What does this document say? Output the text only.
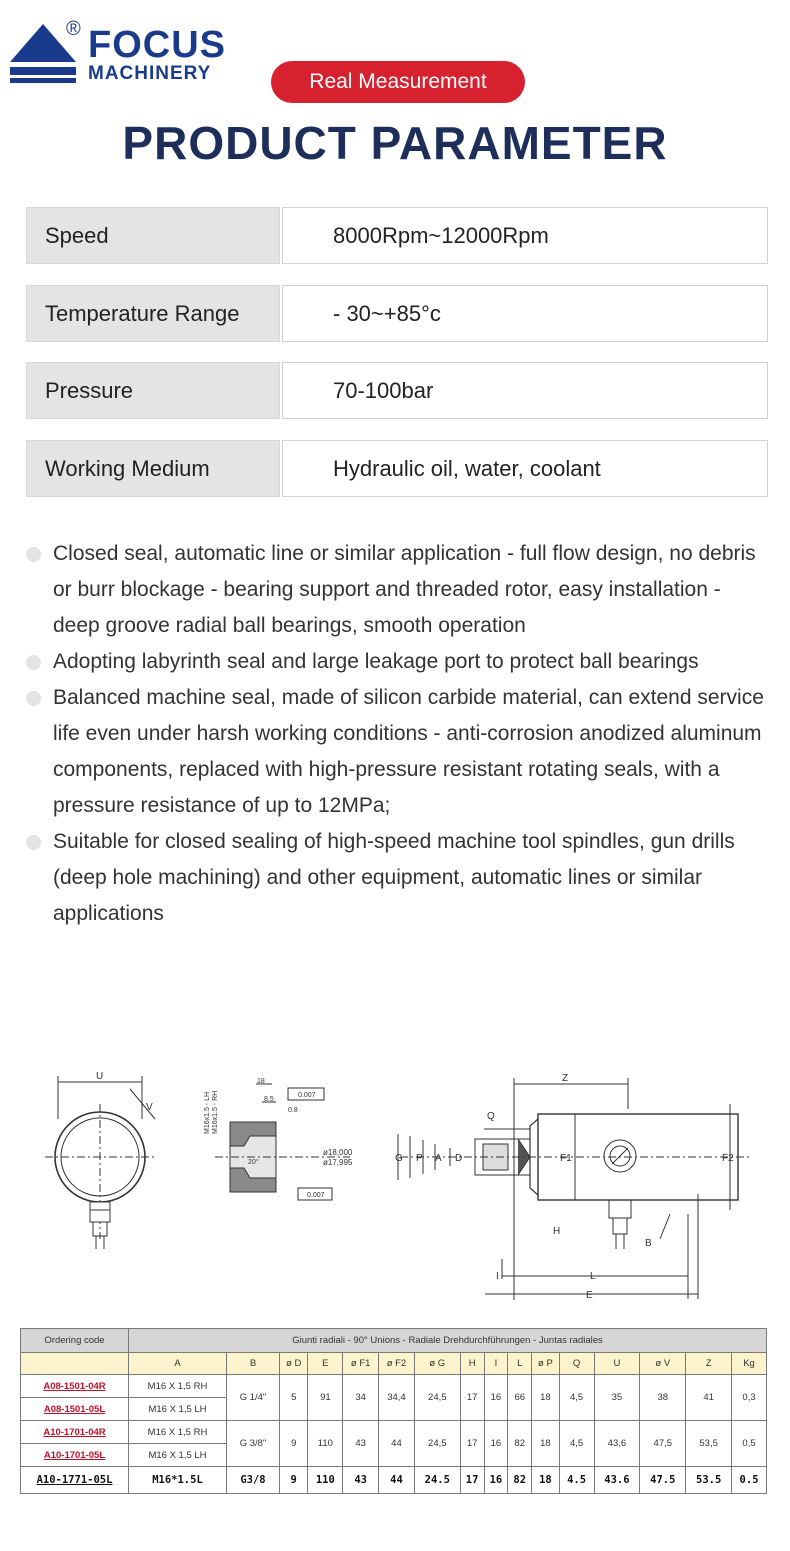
® FOCUS
MACHINERY	Real Measurement
PRODUCT PARAMETER
Speed	8000Rpm~12000Rpm
Temperature Range	- 30~+85°c
Pressure	70-100bar
Working Medium	Hydraulic oil, water, coolant
Closed seal, automatic line or similar application - full flow design, no debris or burr blockage - bearing support and threaded rotor, easy installation - deep groove radial ball bearings, smooth operation
Adopting labyrinth seal and large leakage port to protect ball bearings
Balanced machine seal, made of silicon carbide material, can extend service life even under harsh working conditions - anti-corrosion anodized aluminum components, replaced with high-pressure resistant rotating seals, with a pressure resistance of up to 12MPa;
Suitable for closed sealing of high-speed machine tool spindles, gun drills (deep hole machining) and other equipment, automatic lines or similar applications
U
V
18
8.5
0.8
0.007
0.007
20°
ø18,000
ø17,995
M16x1.5 - LH M16x1.5 - RH
Z
Q
G P A D	F1	F2
H
B
I	L
E
Ordering code	Giunti radiali - 90° Unions - Radiale Drehdurchführungen - Juntas radiales															
	A	B	ø D	E	ø F1	ø F2	ø G	H	I	L	ø P	Q	U	ø V	Z	Kg
A08-1501-04R	M16 X 1,5 RH	G 1/4"	5	91	34	34,4	24,5	17	16	66	18	4,5	35	38	41	0,3
A08-1501-05L	M16 X 1,5 LH															
A10-1701-04R	M16 X 1,5 RH	G 3/8"	9	110	43	44	24,5	17	16	82	18	4,5	43,6	47,5	53,5	0,5
A10-1701-05L	M16 X 1,5 LH															
A10-1771-05L	M16*1.5L	G3/8	9	110	43	44	24.5	17	16	82	18	4.5	43.6	47.5	53.5	0.5
